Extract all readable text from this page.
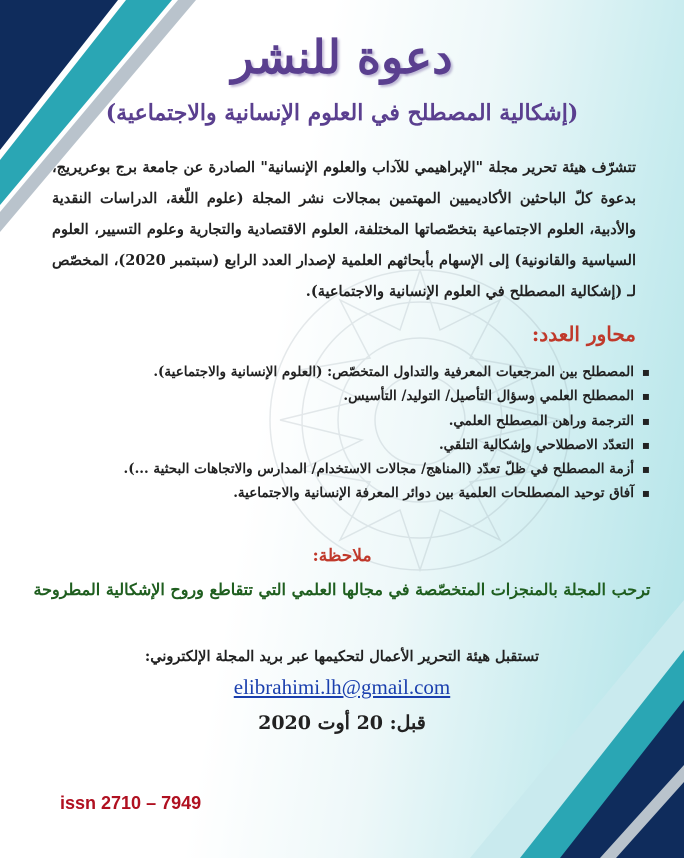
دعوة للنشر
(إشكالية المصطلح في العلوم الإنسانية والاجتماعية)
تتشرّف هيئة تحرير مجلة "الإبراهيمي للآداب والعلوم الإنسانية" الصادرة عن جامعة برج بوعريريج، بدعوة كلّ الباحثين الأكاديميين المهتمين بمجالات نشر المجلة (علوم اللّغة، الدراسات النقدية والأدبية، العلوم الاجتماعية بتخصّصاتها المختلفة، العلوم الاقتصادية والتجارية وعلوم التسيير، العلوم السياسية والقانونية) إلى الإسهام بأبحاثهم العلمية لإصدار العدد الرابع (سبتمبر 2020)، المخصّص لـ (إشكالية المصطلح في العلوم الإنسانية والاجتماعية).
محاور العدد:
▪
المصطلح بين المرجعيات المعرفية والتداول المتخصّص: (العلوم الإنسانية والاجتماعية).
▪
المصطلح العلمي وسؤال التأصيل/ التوليد/ التأسيس.
▪
الترجمة وراهن المصطلح العلمي.
▪
التعدّد الاصطلاحي وإشكالية التلقي.
▪
أزمة المصطلح في ظلّ تعدّد (المناهج/ مجالات الاستخدام/ المدارس والاتجاهات البحثية ...).
▪
آفاق توحيد المصطلحات العلمية بين دوائر المعرفة الإنسانية والاجتماعية.
ملاحظة:
ترحب المجلة بالمنجزات المتخصّصة في مجالها العلمي التي تتقاطع وروح الإشكالية المطروحة
تستقبل هيئة التحرير الأعمال لتحكيمها عبر بريد المجلة الإلكتروني:
elibrahimi.lh@gmail.com
قبل: 20 أوت 2020
issn 2710 – 7949
